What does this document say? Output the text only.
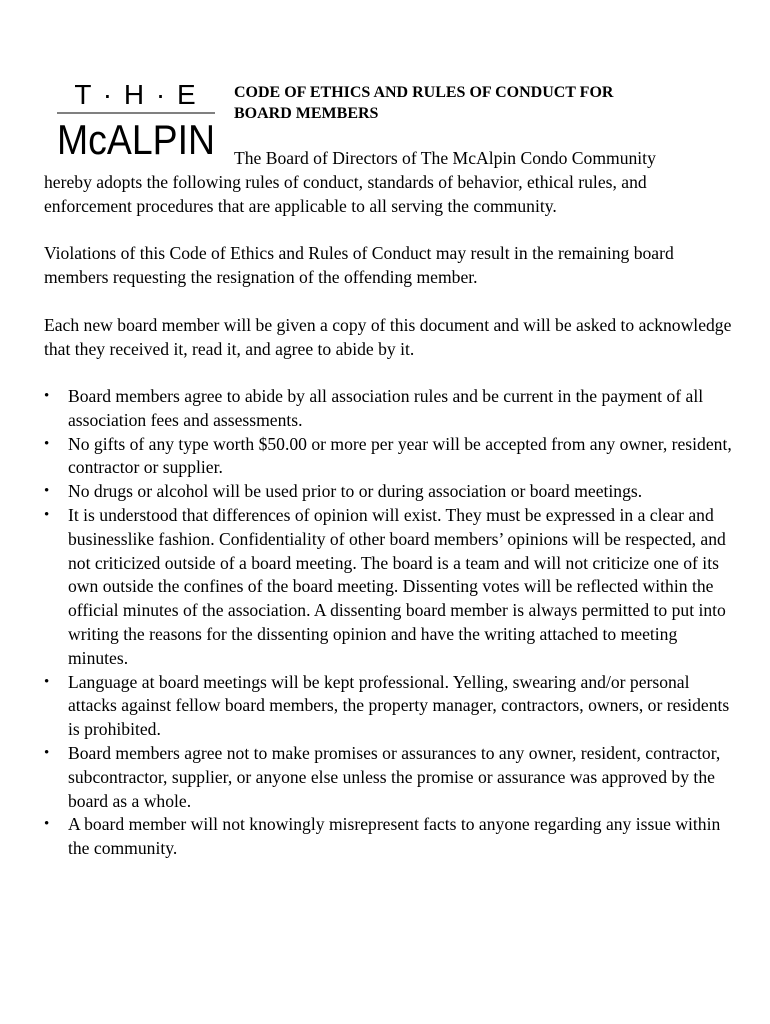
T · H · E
McALPIN
CODE OF ETHICS AND RULES OF CONDUCT FOR
BOARD MEMBERS
The Board of Directors of The McAlpin Condo Community
hereby adopts the following rules of conduct, standards of behavior, ethical rules, and enforcement procedures that are applicable to all serving the community.
Violations of this Code of Ethics and Rules of Conduct may result in the remaining board members requesting the resignation of the offending member.
Each new board member will be given a copy of this document and will be asked to acknowledge that they received it, read it, and agree to abide by it.
•	Board members agree to abide by all association rules and be current in the payment of all association fees and assessments.
•	No gifts of any type worth $50.00 or more per year will be accepted from any owner, resident, contractor or supplier.
•	No drugs or alcohol will be used prior to or during association or board meetings.
•	It is understood that differences of opinion will exist. They must be expressed in a clear and businesslike fashion. Confidentiality of other board members’ opinions will be respected, and not criticized outside of a board meeting. The board is a team and will not criticize one of its own outside the confines of the board meeting. Dissenting votes will be reflected within the official minutes of the association. A dissenting board member is always permitted to put into writing the reasons for the dissenting opinion and have the writing attached to meeting minutes.
•	Language at board meetings will be kept professional. Yelling, swearing and/or personal attacks against fellow board members, the property manager, contractors, owners, or residents is prohibited.
•	Board members agree not to make promises or assurances to any owner, resident, contractor, subcontractor, supplier, or anyone else unless the promise or assurance was approved by the board as a whole.
•	A board member will not knowingly misrepresent facts to anyone regarding any issue within the community.
